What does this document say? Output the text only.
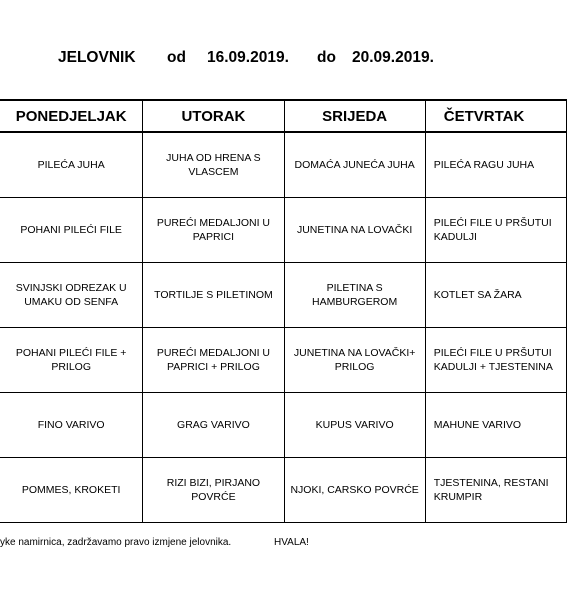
JELOVNIK od 16.09.2019. do 20.09.2019.
PONEDJELJAK	UTORAK	SRIJEDA	ČETVRTAK
PILEĆA JUHA	JUHA OD HRENA S VLASCEM	DOMAĆA JUNEĆA JUHA	PILEĆA RAGU JUHA
POHANI PILEĆI FILE	PUREĆI MEDALJONI U PAPRICI	JUNETINA NA LOVAČKI	PILEĆI FILE U PRŠUTUI KADULJI
SVINJSKI ODREZAK U UMAKU OD SENFA	TORTILJE S PILETINOM	PILETINA S HAMBURGEROM	KOTLET SA ŽARA
POHANI PILEĆI FILE + PRILOG	PUREĆI MEDALJONI U PAPRICI + PRILOG	JUNETINA NA LOVAČKI+ PRILOG	PILEĆI FILE U PRŠUTUI KADULJI + TJESTENINA
FINO VARIVO	GRAG VARIVO	KUPUS VARIVO	MAHUNE VARIVO
POMMES, KROKETI	RIZI BIZI, PIRJANO POVRĆE	NJOKI, CARSKO POVRĆE	TJESTENINA, RESTANI KRUMPIR
yke namirnica, zadržavamo pravo izmjene jelovnika.	HVALA!
